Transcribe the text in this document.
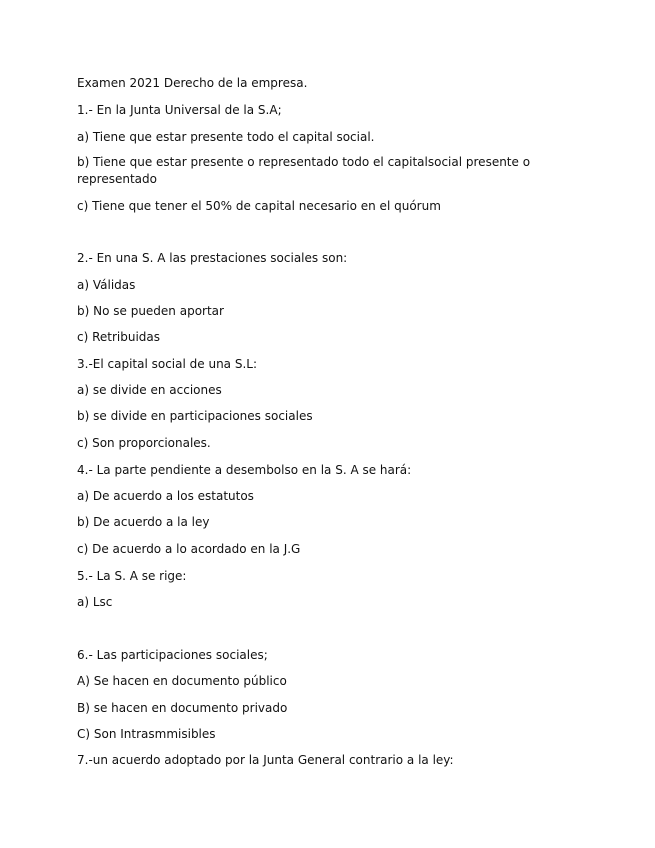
Examen 2021 Derecho de la empresa.
1.- En la Junta Universal de la S.A;
a) Tiene que estar presente todo el capital social.
b) Tiene que estar presente o representado todo el capitalsocial presente o representado
c) Tiene que tener el 50% de capital necesario en el quórum
2.- En una S. A las prestaciones sociales son:
a) Válidas
b) No se pueden aportar
c) Retribuidas
3.-El capital social de una S.L:
a) se divide en acciones
b) se divide en participaciones sociales
c) Son proporcionales.
4.- La parte pendiente a desembolso en la S. A se hará:
a) De acuerdo a los estatutos
b) De acuerdo a la ley
c) De acuerdo a lo acordado en la J.G
5.- La S. A se rige:
a) Lsc
6.- Las participaciones sociales;
A) Se hacen en documento público
B) se hacen en documento privado
C) Son Intrasmmisibles
7.-un acuerdo adoptado por la Junta General contrario a la ley:
